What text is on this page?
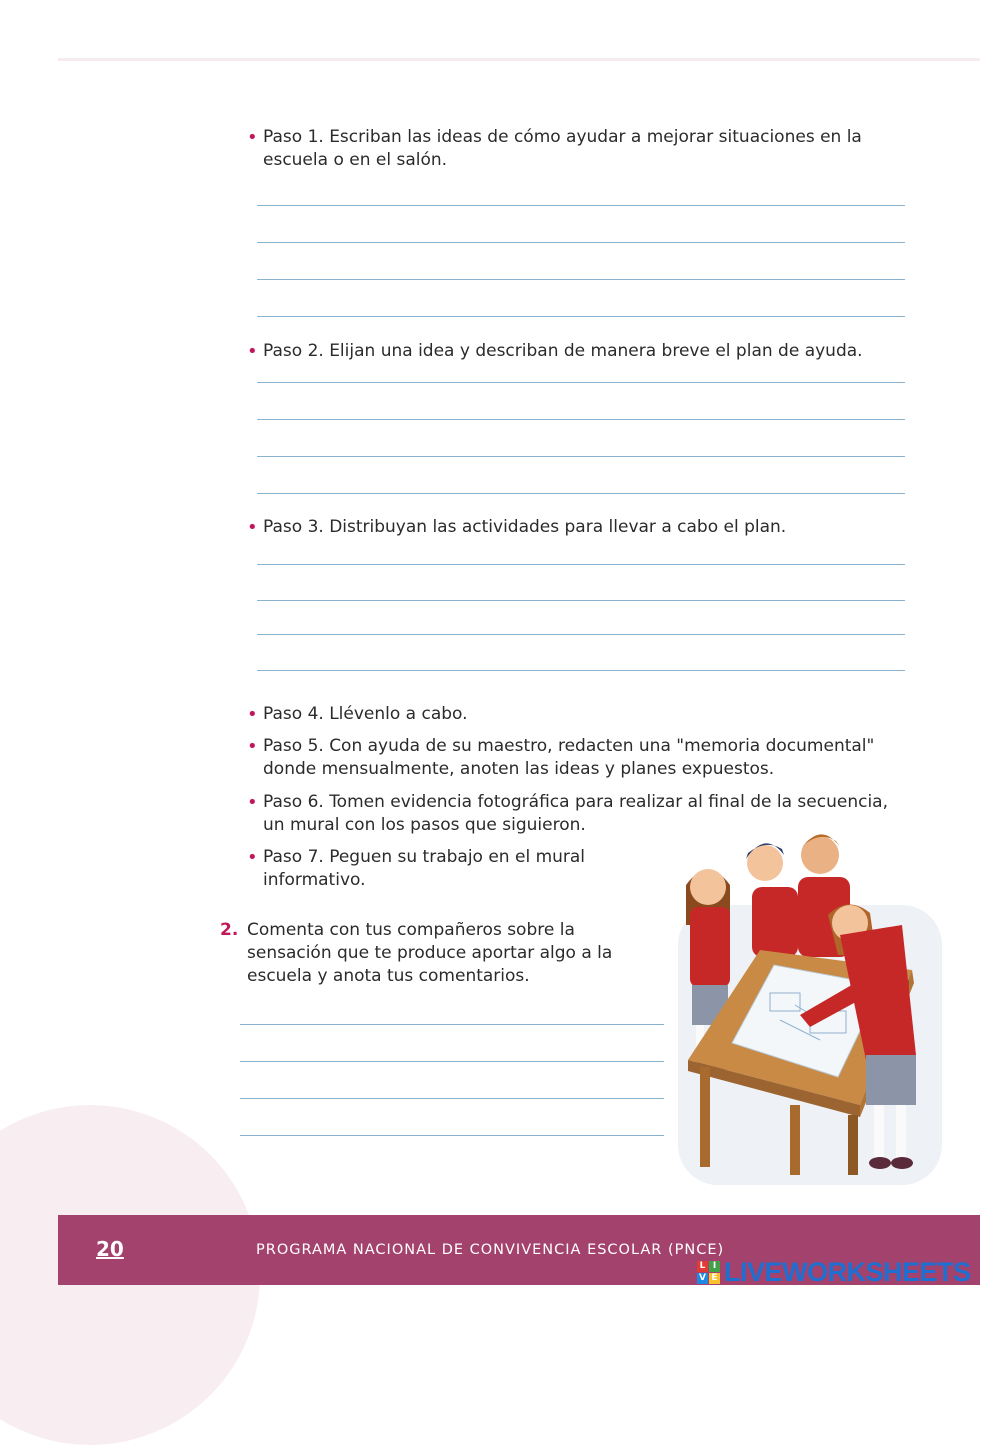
• Paso 1. Escriban las ideas de cómo ayudar a mejorar situaciones en la
escuela o en el salón.
• Paso 2. Elijan una idea y describan de manera breve el plan de ayuda.
• Paso 3. Distribuyan las actividades para llevar a cabo el plan.
• Paso 4. Llévenlo a cabo.
• Paso 5. Con ayuda de su maestro, redacten una "memoria documental"
donde mensualmente, anoten las ideas y planes expuestos.
• Paso 6. Tomen evidencia fotográfica para realizar al final de la secuencia,
un mural con los pasos que siguieron.
• Paso 7. Peguen su trabajo en el mural
informativo.
2. Comenta con tus compañeros sobre la
sensación que te produce aportar algo a la
escuela y anota tus comentarios.
20	PROGRAMA NACIONAL DE CONVIVENCIA ESCOLAR (PNCE)
L I
V E LIVEWORKSHEETS
